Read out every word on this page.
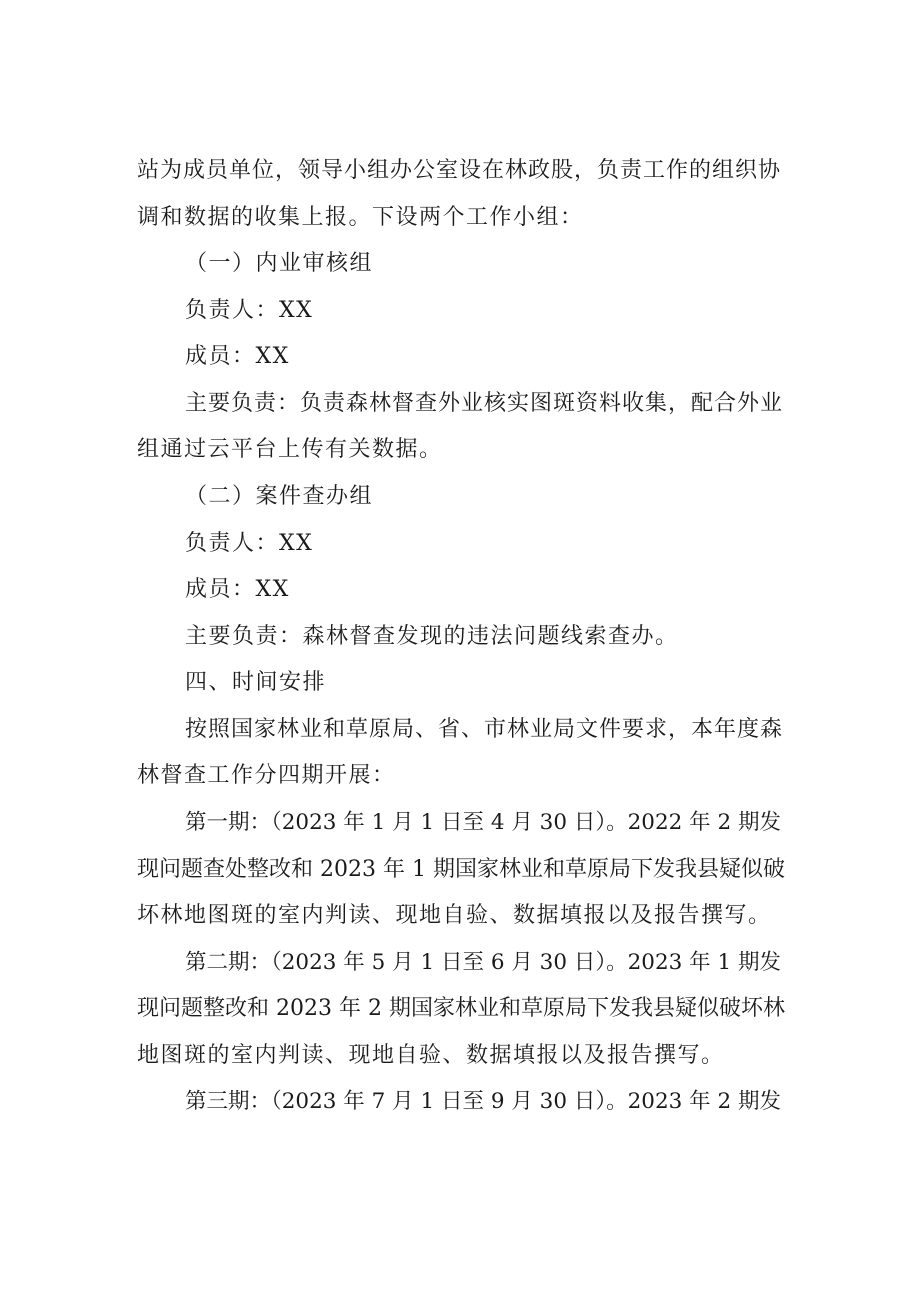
站为成员单位，领导小组办公室设在林政股，负责工作的组织协
调和数据的收集上报。下设两个工作小组：
（一）内业审核组
负责人：XX
成员：XX
主要负责：负责森林督查外业核实图斑资料收集，配合外业
组通过云平台上传有关数据。
（二）案件查办组
负责人：XX
成员：XX
主要负责：森林督查发现的违法问题线索查办。
四、时间安排
按照国家林业和草原局、省、市林业局文件要求，本年度森
林督查工作分四期开展：
第一期：（2023 年 1 月 1 日至 4 月 30 日）。2022 年 2 期发
现问题查处整改和 2023 年 1 期国家林业和草原局下发我县疑似破
坏林地图斑的室内判读、现地自验、数据填报以及报告撰写。
第二期：（2023 年 5 月 1 日至 6 月 30 日）。2023 年 1 期发
现问题整改和 2023 年 2 期国家林业和草原局下发我县疑似破坏林
地图斑的室内判读、现地自验、数据填报以及报告撰写。
第三期：（2023 年 7 月 1 日至 9 月 30 日）。2023 年 2 期发
